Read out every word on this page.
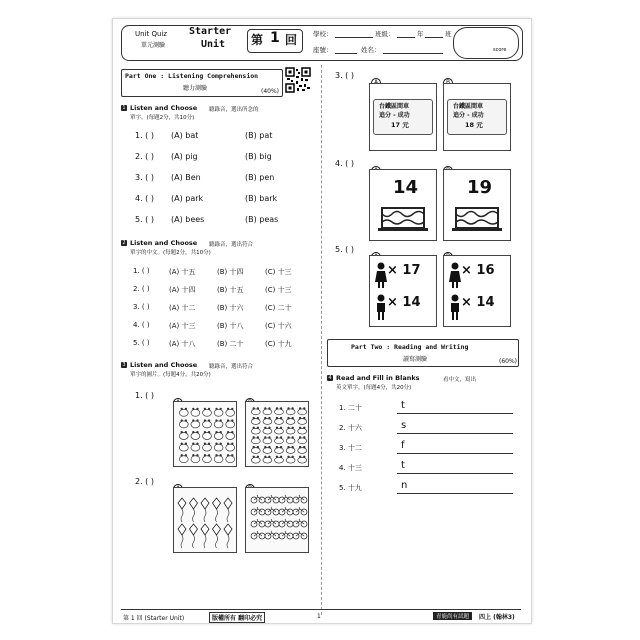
Unit Quiz
單元測驗
Starter
Unit 第 1 回 學校：	班級：	年	班
座號：	姓名：	score
Part One : Listening Comprehension
聽力測驗	(40%)
1 Listen and Choose 聽錄音，選出所念的
單字。(每題2分，共10分)
1. ( ) (A) bat	(B) pat
2. ( ) (A) pig	(B) big
3. ( ) (A) Ben	(B) pen
4. ( ) (A) park	(B) bark
5. ( ) (A) bees	(B) peas
2 Listen and Choose 聽錄音，選出符合
單字的中文。(每題2分，共10分)
1. ( )	(A) 十五	(B) 十四	(C) 十三
2. ( )	(A) 十四	(B) 十五	(C) 十三
3. ( )	(A) 十二	(B) 十六	(C) 二十
4. ( )	(A) 十三	(B) 十八	(C) 十六
5. ( )	(A) 十八	(B) 二十	(C) 十九
3 Listen and Choose 聽錄音，選出符合
單字的圖片。(每題4分，共20分)
1. ( )
2. ( )
3. ( )
台鐵區間車
追分 - 成功
17 元
台鐵區間車
追分 - 成功
18 元
4. ( )
14	19
5. ( )
× 17
× 14
× 16
× 14
Part Two : Reading and Writing
讀寫測驗	(60%)
4 Read and Fill in Blanks	看中文，寫出
英文單字。(每題4分，共20分)
1. 二十	t
2. 十六	s
3. 十二	f
4. 十三	t
5. 十九	n
第 1 回 (Starter Unit)	版權所有 翻印必究	1	青鹿尚有試題	四上 (翰林3)
